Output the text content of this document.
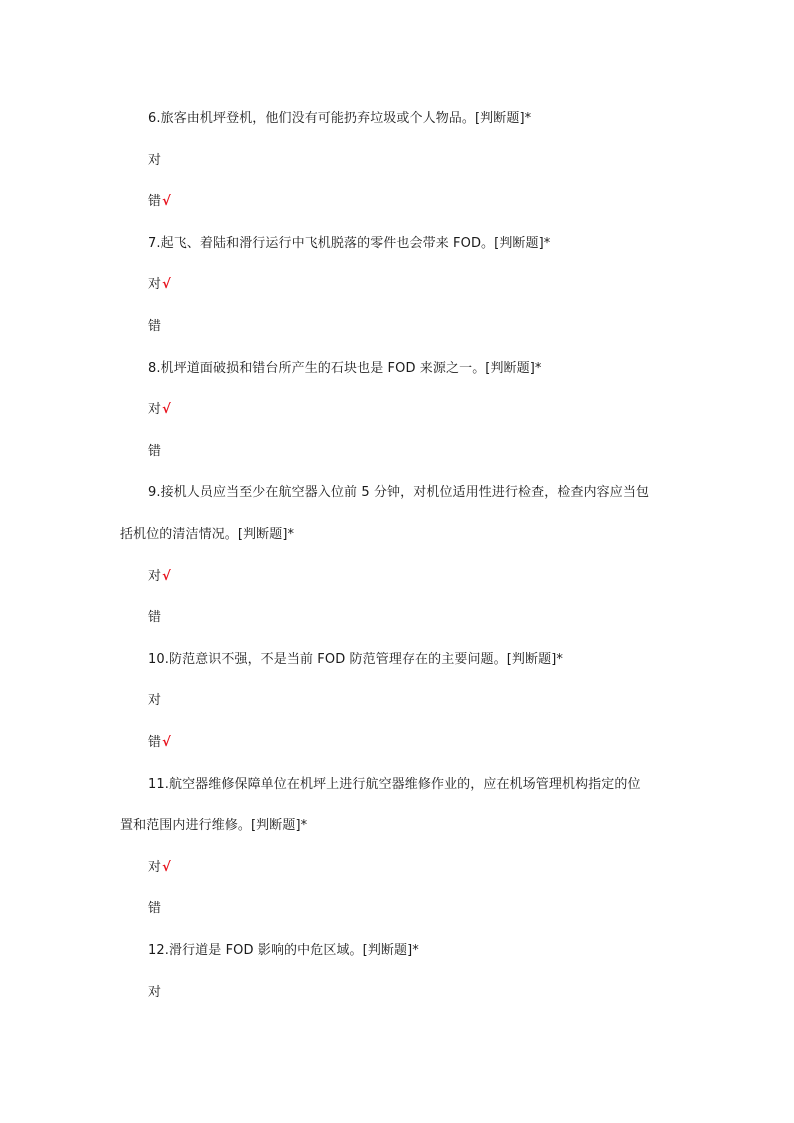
6.旅客由机坪登机，他们没有可能扔弃垃圾或个人物品。[判断题]*
对
错√
7.起飞、着陆和滑行运行中飞机脱落的零件也会带来 FOD。[判断题]*
对√
错
8.机坪道面破损和错台所产生的石块也是 FOD 来源之一。[判断题]*
对√
错
9.接机人员应当至少在航空器入位前 5 分钟，对机位适用性进行检查，检查内容应当包
括机位的清洁情况。[判断题]*
对√
错
10.防范意识不强，不是当前 FOD 防范管理存在的主要问题。[判断题]*
对
错√
11.航空器维修保障单位在机坪上进行航空器维修作业的，应在机场管理机构指定的位
置和范围内进行维修。[判断题]*
对√
错
12.滑行道是 FOD 影响的中危区域。[判断题]*
对
